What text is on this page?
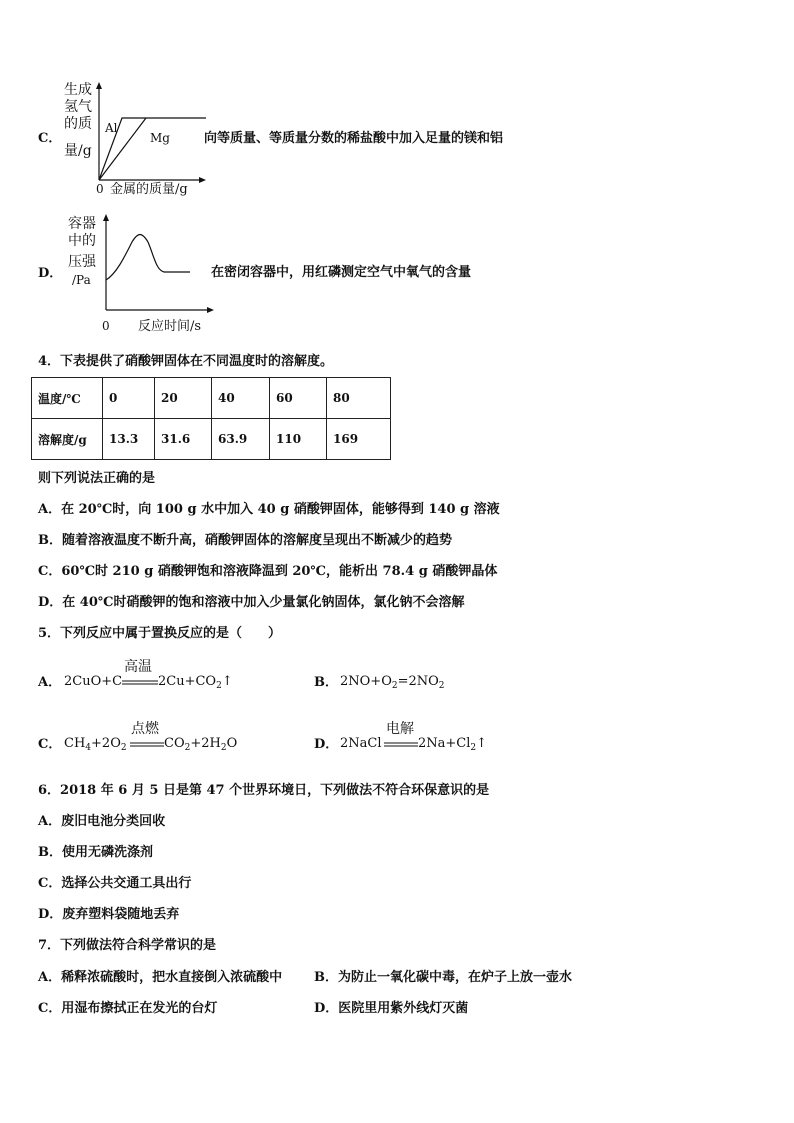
C．
生成
氢气
的质
量/g
Al
Mg
0 金属的质量/g
向等质量、等质量分数的稀盐酸中加入足量的镁和铝
D．
容器
中的
压强
/Pa
0 反应时间/s
在密闭容器中，用红磷测定空气中氧气的含量
4．下表提供了硝酸钾固体在不同温度时的溶解度。
温度/℃	0	20	40	60	80
溶解度/g	13.3	31.6	63.9	110	169
则下列说法正确的是
A．在 20℃时，向 100 g 水中加入 40 g 硝酸钾固体，能够得到 140 g 溶液
B．随着溶液温度不断升高，硝酸钾固体的溶解度呈现出不断减少的趋势
C．60℃时 210 g 硝酸钾饱和溶液降温到 20℃，能析出 78.4 g 硝酸钾晶体
D．在 40℃时硝酸钾的饱和溶液中加入少量氯化钠固体，氯化钠不会溶解
5．下列反应中属于置换反应的是（　　）
A． 2CuO+C
高温
$2Cu+CO_2↑$	B． $2NO+O_2=2NO_2$
C． $CH_4+2O_2$
点燃
$CO_2+2H_2O$	D． 2NaCl
电解
$2Na+Cl_2↑$
6．2018 年 6 月 5 日是第 47 个世界环境日，下列做法不符合环保意识的是
A．废旧电池分类回收
B．使用无磷洗涤剂
C．选择公共交通工具出行
D．废弃塑料袋随地丢弃
7．下列做法符合科学常识的是
A．稀释浓硫酸时，把水直接倒入浓硫酸中 B．为防止一氧化碳中毒，在炉子上放一壶水
C．用湿布擦拭正在发光的台灯	D．医院里用紫外线灯灭菌
